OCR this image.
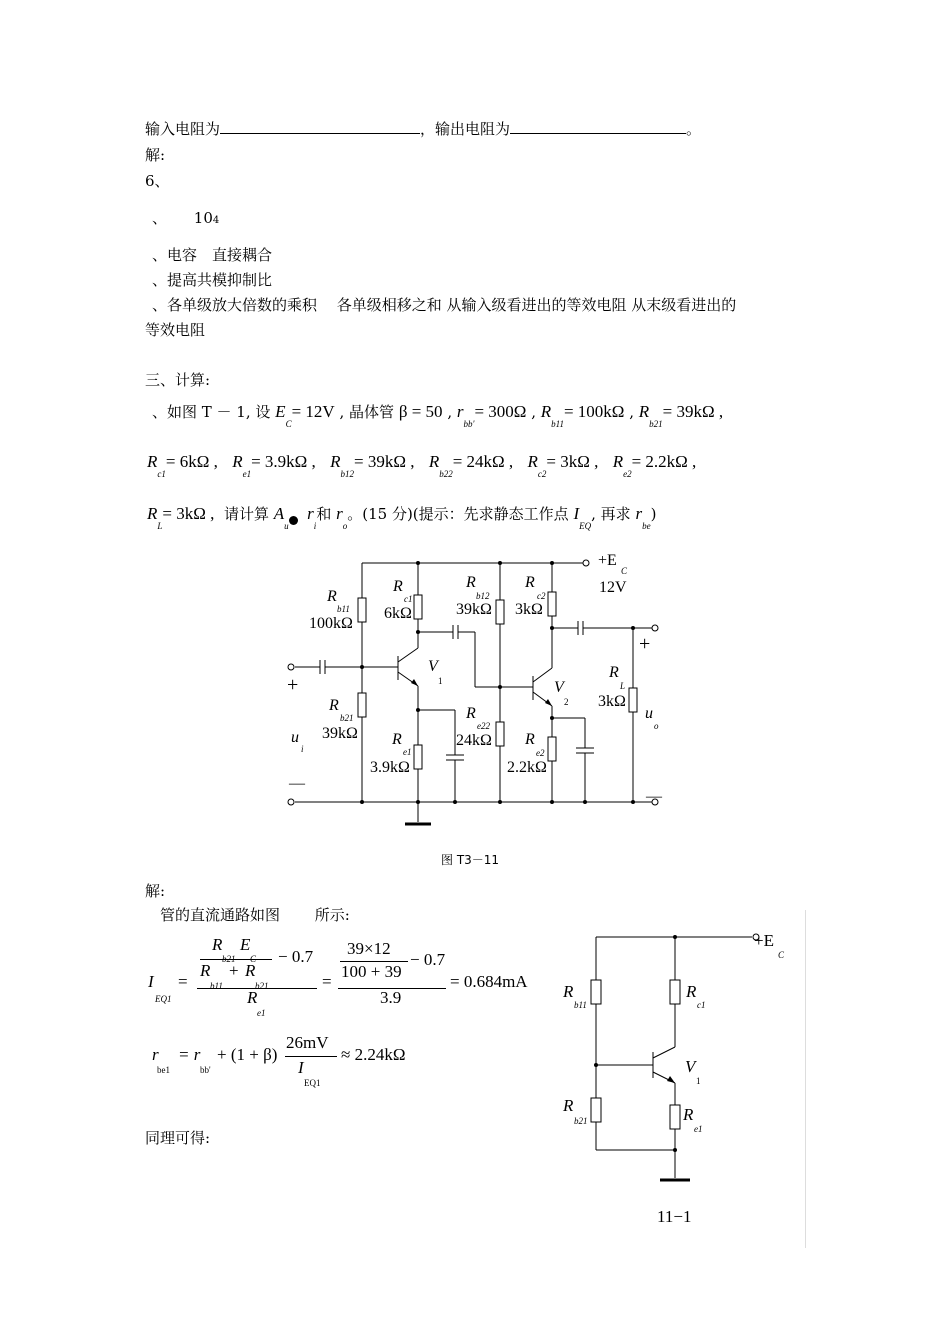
输入电阻为	，输出电阻为	。
解:
6、
、 104
、电容　直接耦合
、提高共模抑制比
、各单级放大倍数的乘积　 各单级相移之和 从输入级看进出的等效电阻 从末级看进出的
等效电阻
三、计算:
、如图 T － 1, 设 $E_C= 12V$ , 晶体管 β = 50 , $r_{bb'}= 300\Omega$ , $R_{b11}= 100k\Omega$ , $R_{b21}= 39k\Omega$ ,
$R_{c1}= 6k\Omega$ , $R_{e1}= 3.9k\Omega$ , $R_{b12}= 39k\Omega$ , $R_{b22}= 24k\Omega$ , $R_{c2}= 3k\Omega$ , $R_{e2}= 2.2k\Omega$ ,
$R_L= 3k\Omega$ , 请计算 $A_u$  $r_i$和 $r_o$。(15 分)(提示：先求静态工作点 $I_{EQ}$, 再求 $r_{be}$)
+E
C
12V
R
b11
100kΩ
R
c1
6kΩ
R
b12
39kΩ
R
c2
3kΩ
V
1	V
2
R
L
3kΩ
R
b21
39kΩ R
e1
3.9kΩ
R
e22
24kΩ R
e2
2.2kΩ
u
i
u
o
+
—
+
—
图 T3－11
解:
管的直流通路如图　　 所示:
I
EQ1
=
R
b21
E
C
R
b11
+ R
b21
− 0.7
R
e1
=
39×12
100 + 39
− 0.7
3.9
= 0.684mA
r
be1
= r
bb'
+ (1 + β)
26mV
I
EQ1
≈ 2.24kΩ
同理可得:
+E
C
R
b11
R
c1
V
1
R
b21	R
e1
11−1
